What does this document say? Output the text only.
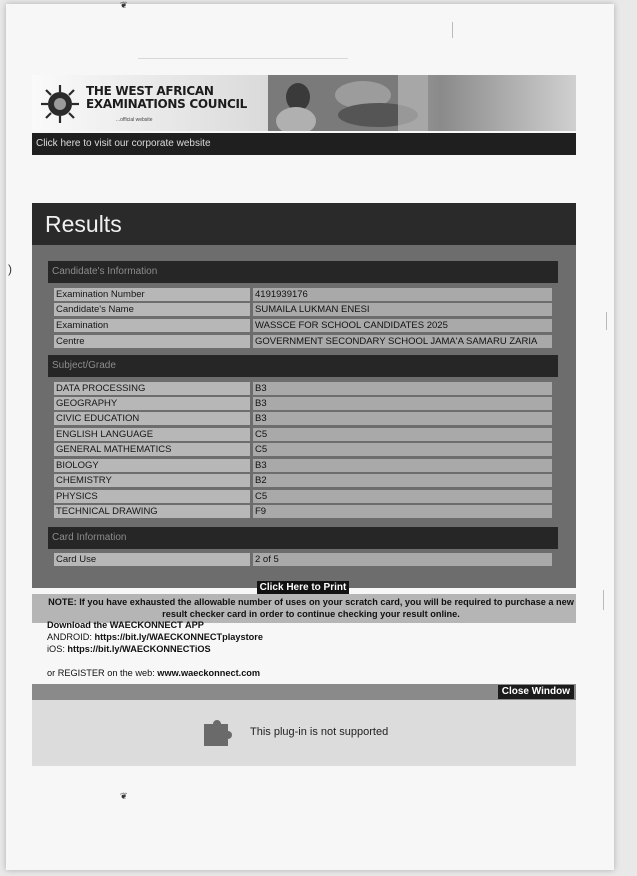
THE WEST AFRICAN
EXAMINATIONS COUNCIL
...official website
Click here to visit our corporate website
Results
Candidate's Information
Examination Number	4191939176
Candidate's Name	SUMAILA LUKMAN ENESI
Examination	WASSCE FOR SCHOOL CANDIDATES 2025
Centre	GOVERNMENT SECONDARY SCHOOL JAMA'A SAMARU ZARIA
Subject/Grade
DATA PROCESSING	B3
GEOGRAPHY	B3
CIVIC EDUCATION	B3
ENGLISH LANGUAGE	C5
GENERAL MATHEMATICS	C5
BIOLOGY	B3
CHEMISTRY	B2
PHYSICS	C5
TECHNICAL DRAWING	F9
Card Information
Card Use	2 of 5

NOTE: If you have exhausted the allowable number of uses on your scratch card, you will be required to purchase a new result checker card in order to continue checking your result online.

Click Here to Print
Download the WAECKONNECT APP
ANDROID: https://bit.ly/WAECKONNECTplaystore
iOS: https://bit.ly/WAECKONNECTiOS
or REGISTER on the web: www.waeckonnect.com
Close Window
This plug-in is not supported
❦
❦
)
